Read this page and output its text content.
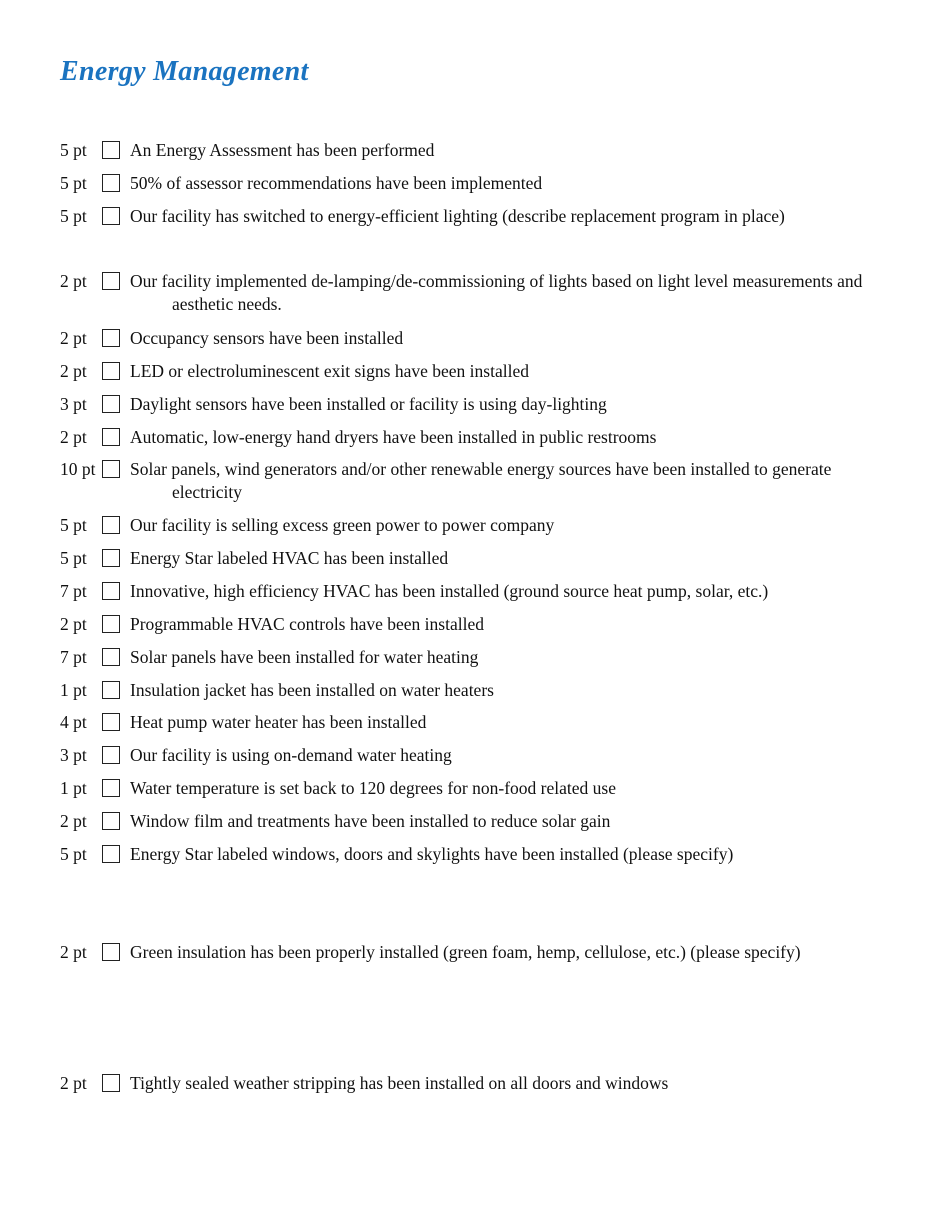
Energy Management
5 pt An Energy Assessment has been performed
5 pt 50% of assessor recommendations have been implemented
5 pt Our facility has switched to energy-efficient lighting (describe replacement program in place)
2 pt Our facility implemented de-lamping/de-commissioning of lights based on light level measurements and aesthetic needs.
2 pt Occupancy sensors have been installed
2 pt LED or electroluminescent exit signs have been installed
3 pt Daylight sensors have been installed or facility is using day-lighting
2 pt Automatic, low-energy hand dryers have been installed in public restrooms
10 pt Solar panels, wind generators and/or other renewable energy sources have been installed to generate electricity
5 pt Our facility is selling excess green power to power company
5 pt Energy Star labeled HVAC has been installed
7 pt Innovative, high efficiency HVAC has been installed (ground source heat pump, solar, etc.)
2 pt Programmable HVAC controls have been installed
7 pt Solar panels have been installed for water heating
1 pt Insulation jacket has been installed on water heaters
4 pt Heat pump water heater has been installed
3 pt Our facility is using on-demand water heating
1 pt Water temperature is set back to 120 degrees for non-food related use
2 pt Window film and treatments have been installed to reduce solar gain
5 pt Energy Star labeled windows, doors and skylights have been installed (please specify)
2 pt Green insulation has been properly installed (green foam, hemp, cellulose, etc.) (please specify)
2 pt Tightly sealed weather stripping has been installed on all doors and windows
